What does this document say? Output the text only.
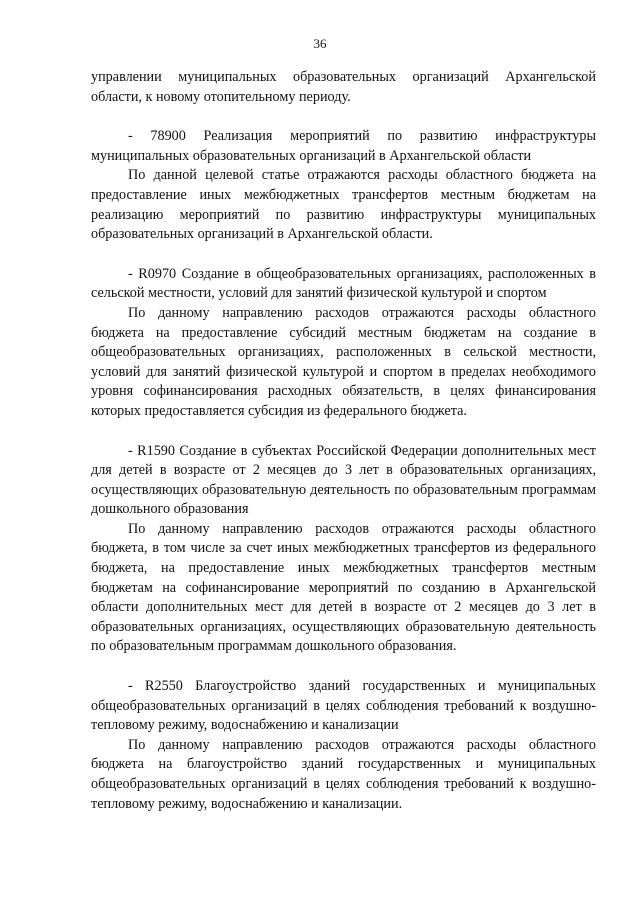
36

управлении муниципальных образовательных организаций Архангельской области, к новому отопительному периоду.

- 78900 Реализация мероприятий по развитию инфраструктуры муниципальных образовательных организаций в Архангельской области

По данной целевой статье отражаются расходы областного бюджета на предоставление иных межбюджетных трансфертов местным бюджетам на реализацию мероприятий по развитию инфраструктуры муниципальных образовательных организаций в Архангельской области.

- R0970 Создание в общеобразовательных организациях, расположенных в сельской местности, условий для занятий физической культурой и спортом

По данному направлению расходов отражаются расходы областного бюджета на предоставление субсидий местным бюджетам на создание в общеобразовательных организациях, расположенных в сельской местности, условий для занятий физической культурой и спортом в пределах необходимого уровня софинансирования расходных обязательств, в целях финансирования которых предоставляется субсидия из федерального бюджета.

- R1590 Создание в субъектах Российской Федерации дополнительных мест для детей в возрасте от 2 месяцев до 3 лет в образовательных организациях, осуществляющих образовательную деятельность по образовательным программам дошкольного образования

По данному направлению расходов отражаются расходы областного бюджета, в том числе за счет иных межбюджетных трансфертов из федерального бюджета, на предоставление иных межбюджетных трансфертов местным бюджетам на софинансирование мероприятий по созданию в Архангельской области дополнительных мест для детей в возрасте от 2 месяцев до 3 лет в образовательных организациях, осуществляющих образовательную деятельность по образовательным программам дошкольного образования.

- R2550 Благоустройство зданий государственных и муниципальных общеобразовательных организаций в целях соблюдения требований к воздушно-тепловому режиму, водоснабжению и канализации

По данному направлению расходов отражаются расходы областного бюджета на благоустройство зданий государственных и муниципальных общеобразовательных организаций в целях соблюдения требований к воздушно-тепловому режиму, водоснабжению и канализации.
